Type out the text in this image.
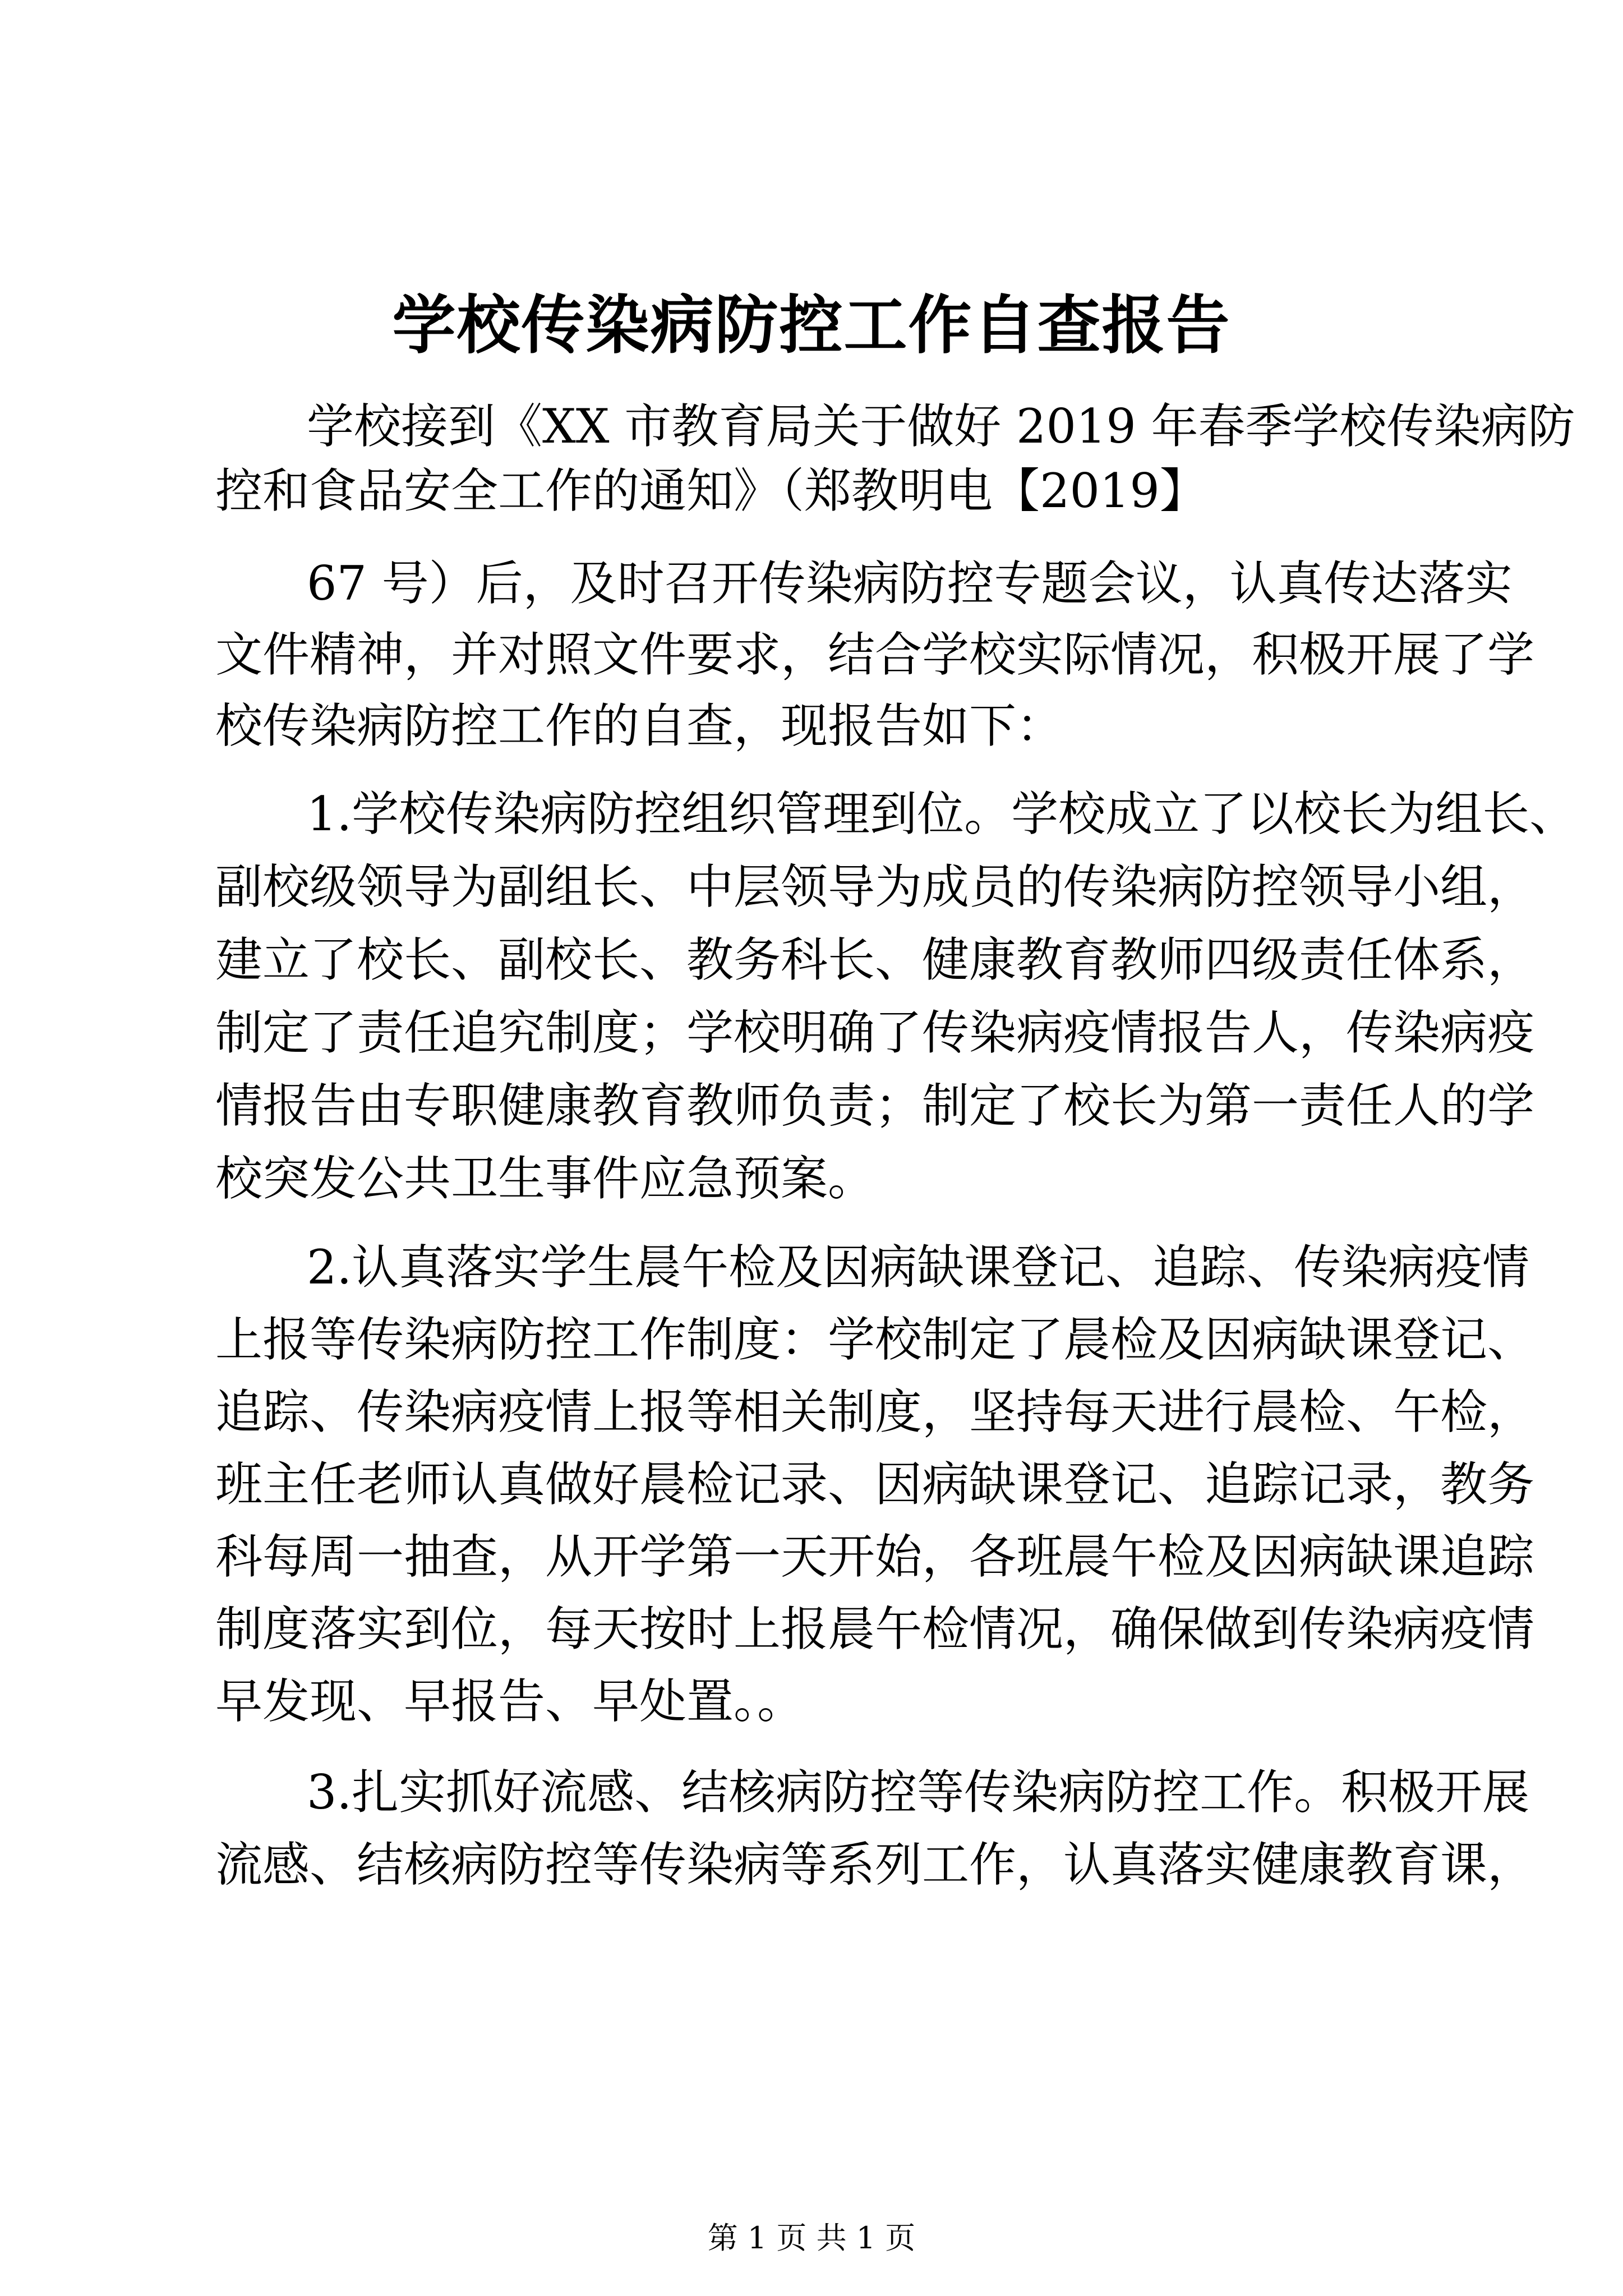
学校传染病防控工作自查报告
学校接到《XX 市教育局关于做好 2019 年春季学校传染病防
控和食品安全工作的通知》（郑教明电【2019】
67 号）后，及时召开传染病防控专题会议，认真传达落实
文件精神，并对照文件要求，结合学校实际情况，积极开展了学
校传染病防控工作的自查，现报告如下：
1.学校传染病防控组织管理到位。学校成立了以校长为组长、
副校级领导为副组长、中层领导为成员的传染病防控领导小组，
建立了校长、副校长、教务科长、健康教育教师四级责任体系，
制定了责任追究制度；学校明确了传染病疫情报告人，传染病疫
情报告由专职健康教育教师负责；制定了校长为第一责任人的学
校突发公共卫生事件应急预案。
2.认真落实学生晨午检及因病缺课登记、追踪、传染病疫情
上报等传染病防控工作制度：学校制定了晨检及因病缺课登记、
追踪、传染病疫情上报等相关制度，坚持每天进行晨检、午检，
班主任老师认真做好晨检记录、因病缺课登记、追踪记录，教务
科每周一抽查，从开学第一天开始，各班晨午检及因病缺课追踪
制度落实到位，每天按时上报晨午检情况，确保做到传染病疫情
早发现、早报告、早处置。。
3.扎实抓好流感、结核病防控等传染病防控工作。积极开展
流感、结核病防控等传染病等系列工作，认真落实健康教育课，
第 1 页 共 1 页
